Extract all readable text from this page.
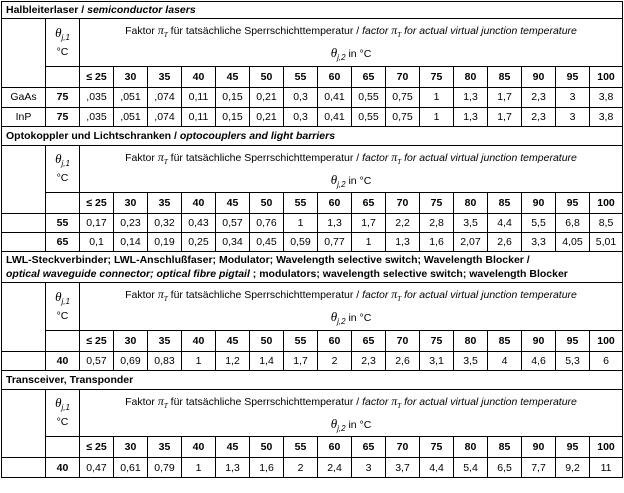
Halbleiterlaser / semiconductor lasers																	

	$\theta_{j,1}$
°C	Faktor $\pi_T$ für tatsächliche Sperrschichttemperatur / factor $\pi_T$ for actual virtual junction temperature															

		$\theta_{j,2}$ in °C															
		≤ 25	30	35	40	45	50	55	60	65	70	75	80	85	90	95	100
GaAs	75	,035	,051	,074	0,11	0,15	0,21	0,3	0,41	0,55	0,75	1	1,3	1,7	2,3	3	3,8
InP	75	,035	,051	,074	0,11	0,15	0,21	0,3	0,41	0,55	0,75	1	1,3	1,7	2,3	3	3,8
Optokoppler und Lichtschranken / optocouplers and light barriers																	

	$\theta_{j,1}$
°C	Faktor $\pi_T$ für tatsächliche Sperrschichttemperatur / factor $\pi_T$ for actual virtual junction temperature															

		$\theta_{j,2}$ in °C															
		≤ 25	30	35	40	45	50	55	60	65	70	75	80	85	90	95	100
	55	0,17	0,23	0,32	0,43	0,57	0,76	1	1,3	1,7	2,2	2,8	3,5	4,4	5,5	6,8	8,5
	65	0,1	0,14	0,19	0,25	0,34	0,45	0,59	0,77	1	1,3	1,6	2,07	2,6	3,3	4,05	5,01

LWL-Steckverbinder; LWL-Anschlußfaser; Modulator; Wavelength selective switch; Wavelength Blocker /
optical waveguide connector; optical fibre pigtail ; modulators; wavelength selective switch; wavelength Blocker																	

	$\theta_{j,1}$
°C	Faktor $\pi_T$ für tatsächliche Sperrschichttemperatur / factor $\pi_T$ for actual virtual junction temperature															

		$\theta_{j,2}$ in °C															
		≤ 25	30	35	40	45	50	55	60	65	70	75	80	85	90	95	100
	40	0,57	0,69	0,83	1	1,2	1,4	1,7	2	2,3	2,6	3,1	3,5	4	4,6	5,3	6
Transceiver, Transponder																	

	$\theta_{j,1}$
°C	Faktor $\pi_T$ für tatsächliche Sperrschichttemperatur / factor $\pi_T$ for actual virtual junction temperature															

		$\theta_{j,2}$ in °C															
		≤ 25	30	35	40	45	50	55	60	65	70	75	80	85	90	95	100
	40	0,47	0,61	0,79	1	1,3	1,6	2	2,4	3	3,7	4,4	5,4	6,5	7,7	9,2	11
